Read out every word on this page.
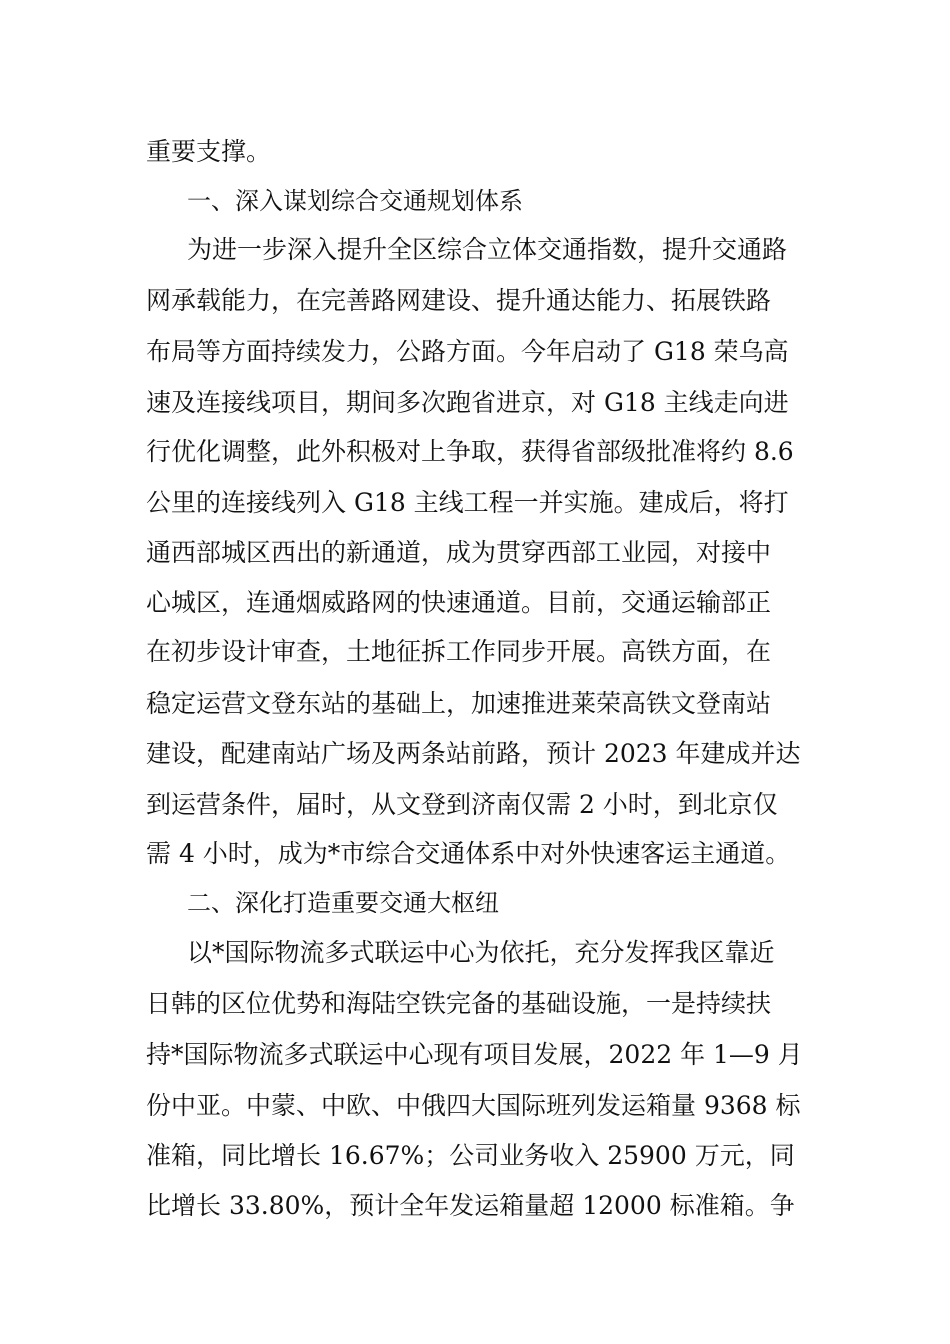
重要支撑。
一、深入谋划综合交通规划体系
为进一步深入提升全区综合立体交通指数，提升交通路
网承载能力，在完善路网建设、提升通达能力、拓展铁路
布局等方面持续发力，公路方面。今年启动了 G18 荣乌高
速及连接线项目，期间多次跑省进京，对 G18 主线走向进
行优化调整，此外积极对上争取，获得省部级批准将约 8.6
公里的连接线列入 G18 主线工程一并实施。建成后，将打
通西部城区西出的新通道，成为贯穿西部工业园，对接中
心城区，连通烟威路网的快速通道。目前，交通运输部正
在初步设计审查，土地征拆工作同步开展。高铁方面，在
稳定运营文登东站的基础上，加速推进莱荣高铁文登南站
建设，配建南站广场及两条站前路，预计 2023 年建成并达
到运营条件，届时，从文登到济南仅需 2 小时，到北京仅
需 4 小时，成为*市综合交通体系中对外快速客运主通道。
二、深化打造重要交通大枢纽
以*国际物流多式联运中心为依托，充分发挥我区靠近
日韩的区位优势和海陆空铁完备的基础设施，一是持续扶
持*国际物流多式联运中心现有项目发展，2022 年 1—9 月
份中亚。中蒙、中欧、中俄四大国际班列发运箱量 9368 标
准箱，同比增长 16.67%；公司业务收入 25900 万元，同
比增长 33.80%，预计全年发运箱量超 12000 标准箱。争
